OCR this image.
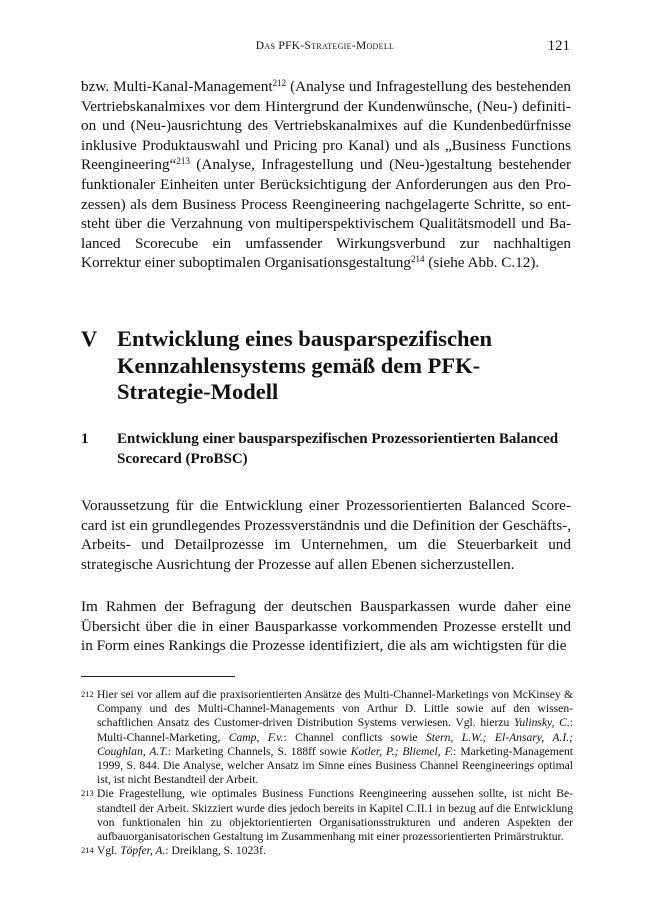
Das PFK-Strategie-Modell	121
bzw. Multi-Kanal-Management$^{212}$ (Analyse und Infragestellung des bestehenden Vertriebskanalmixes vor dem Hintergrund der Kundenwünsche, (Neu-) definition und (Neu-)ausrichtung des Vertriebskanalmixes auf die Kundenbedürfnisse inklusive Produktauswahl und Pricing pro Kanal) und als „Business Functions Reengineering“$^{213}$ (Analyse, Infragestellung und (Neu-)gestaltung bestehender funktionaler Einheiten unter Berücksichtigung der Anforderungen aus den Prozessen) als dem Business Process Reengineering nachgelagerte Schritte, so entsteht über die Verzahnung von multiperspektivischem Qualitätsmodell und Balanced Scorecube ein umfassender Wirkungsverbund zur nachhaltigen Korrektur einer suboptimalen Organisationsgestaltung$^{214}$ (siehe Abb. C.12).
V Entwicklung eines bausparspezifischen Kennzahlensystems gemäß dem PFK-Strategie-Modell
1 Entwicklung einer bausparspezifischen Prozessorientierten Balanced Scorecard (ProBSC)
Voraussetzung für die Entwicklung einer Prozessorientierten Balanced Scorecard ist ein grundlegendes Prozessverständnis und die Definition der Geschäfts-, Arbeits- und Detailprozesse im Unternehmen, um die Steuerbarkeit und strategische Ausrichtung der Prozesse auf allen Ebenen sicherzustellen.
Im Rahmen der Befragung der deutschen Bausparkassen wurde daher eine Übersicht über die in einer Bausparkasse vorkommenden Prozesse erstellt und in Form eines Rankings die Prozesse identifiziert, die als am wichtigsten für die

212 Hier sei vor allem auf die praxisorientierten Ansätze des Multi-Channel-Marketings von McKinsey & Company und des Multi-Channel-Managements von Arthur D. Little sowie auf den wissenschaftlichen Ansatz des Customer-driven Distribution Systems verwiesen. Vgl. hierzu Yulinsky, C.: Multi-Channel-Marketing, Camp, F.v.: Channel conflicts sowie Stern, L.W.; El-Ansary, A.I.; Coughlan, A.T.: Marketing Channels, S. 188ff sowie Kotler, P.; Bliemel, F.: Marketing-Management 1999, S. 844. Die Analyse, welcher Ansatz im Sinne eines Business Channel Reengineerings optimal ist, ist nicht Bestandteil der Arbeit.

213 Die Fragestellung, wie optimales Business Functions Reengineering aussehen sollte, ist nicht Bestandteil der Arbeit. Skizziert wurde dies jedoch bereits in Kapitel C.II.1 in bezug auf die Entwicklung von funktionalen hin zu objektorientierten Organisationsstrukturen und anderen Aspekten der aufbauorganisatorischen Gestaltung im Zusammenhang mit einer prozessorientierten Primärstruktur.

214 Vgl. Töpfer, A.: Dreiklang, S. 1023f.
